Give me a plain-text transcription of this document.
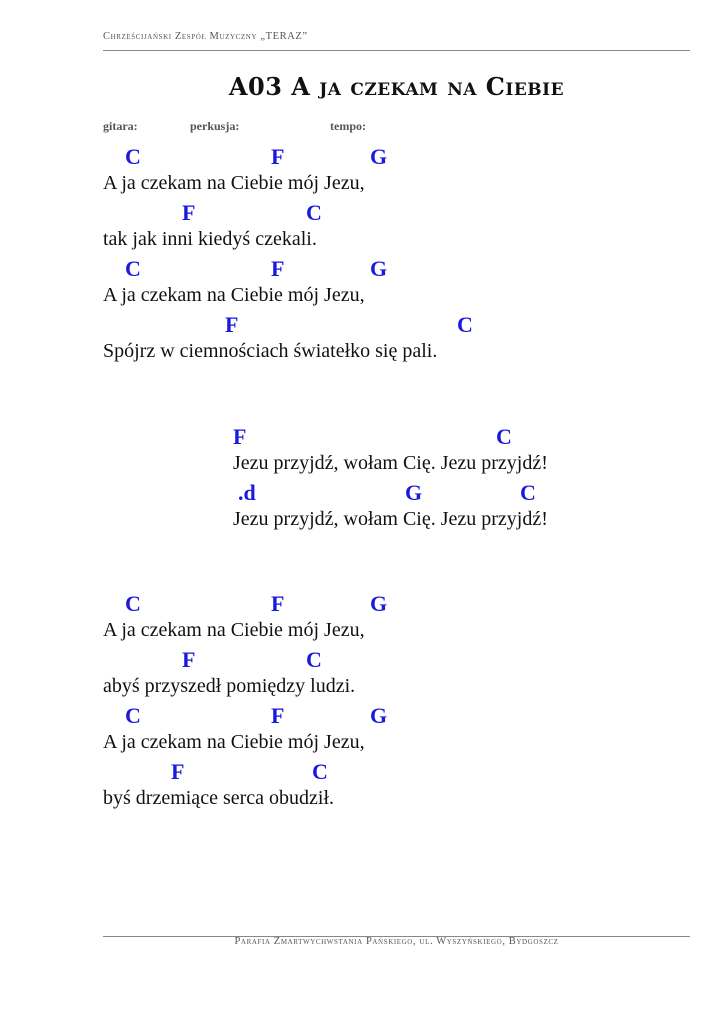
Chrześcijański Zespół Muzyczny „TERAZ”
A03 A ja czekam na Ciebie
gitara:	perkusja:	tempo:
C	F	G
A ja czekam na Ciebie mój Jezu,
F	C
tak jak inni kiedyś czekali.
C	F	G
A ja czekam na Ciebie mój Jezu,
F	C
Spójrz w ciemnościach światełko się pali.
F	C
Jezu przyjdź, wołam Cię. Jezu przyjdź!
.d	G	C
Jezu przyjdź, wołam Cię. Jezu przyjdź!
C	F	G
A ja czekam na Ciebie mój Jezu,
F	C
abyś przyszedł pomiędzy ludzi.
C	F	G
A ja czekam na Ciebie mój Jezu,
F	C
byś drzemiące serca obudził.
Parafia Zmartwychwstania Pańskiego, ul. Wyszyńskiego, Bydgoszcz
